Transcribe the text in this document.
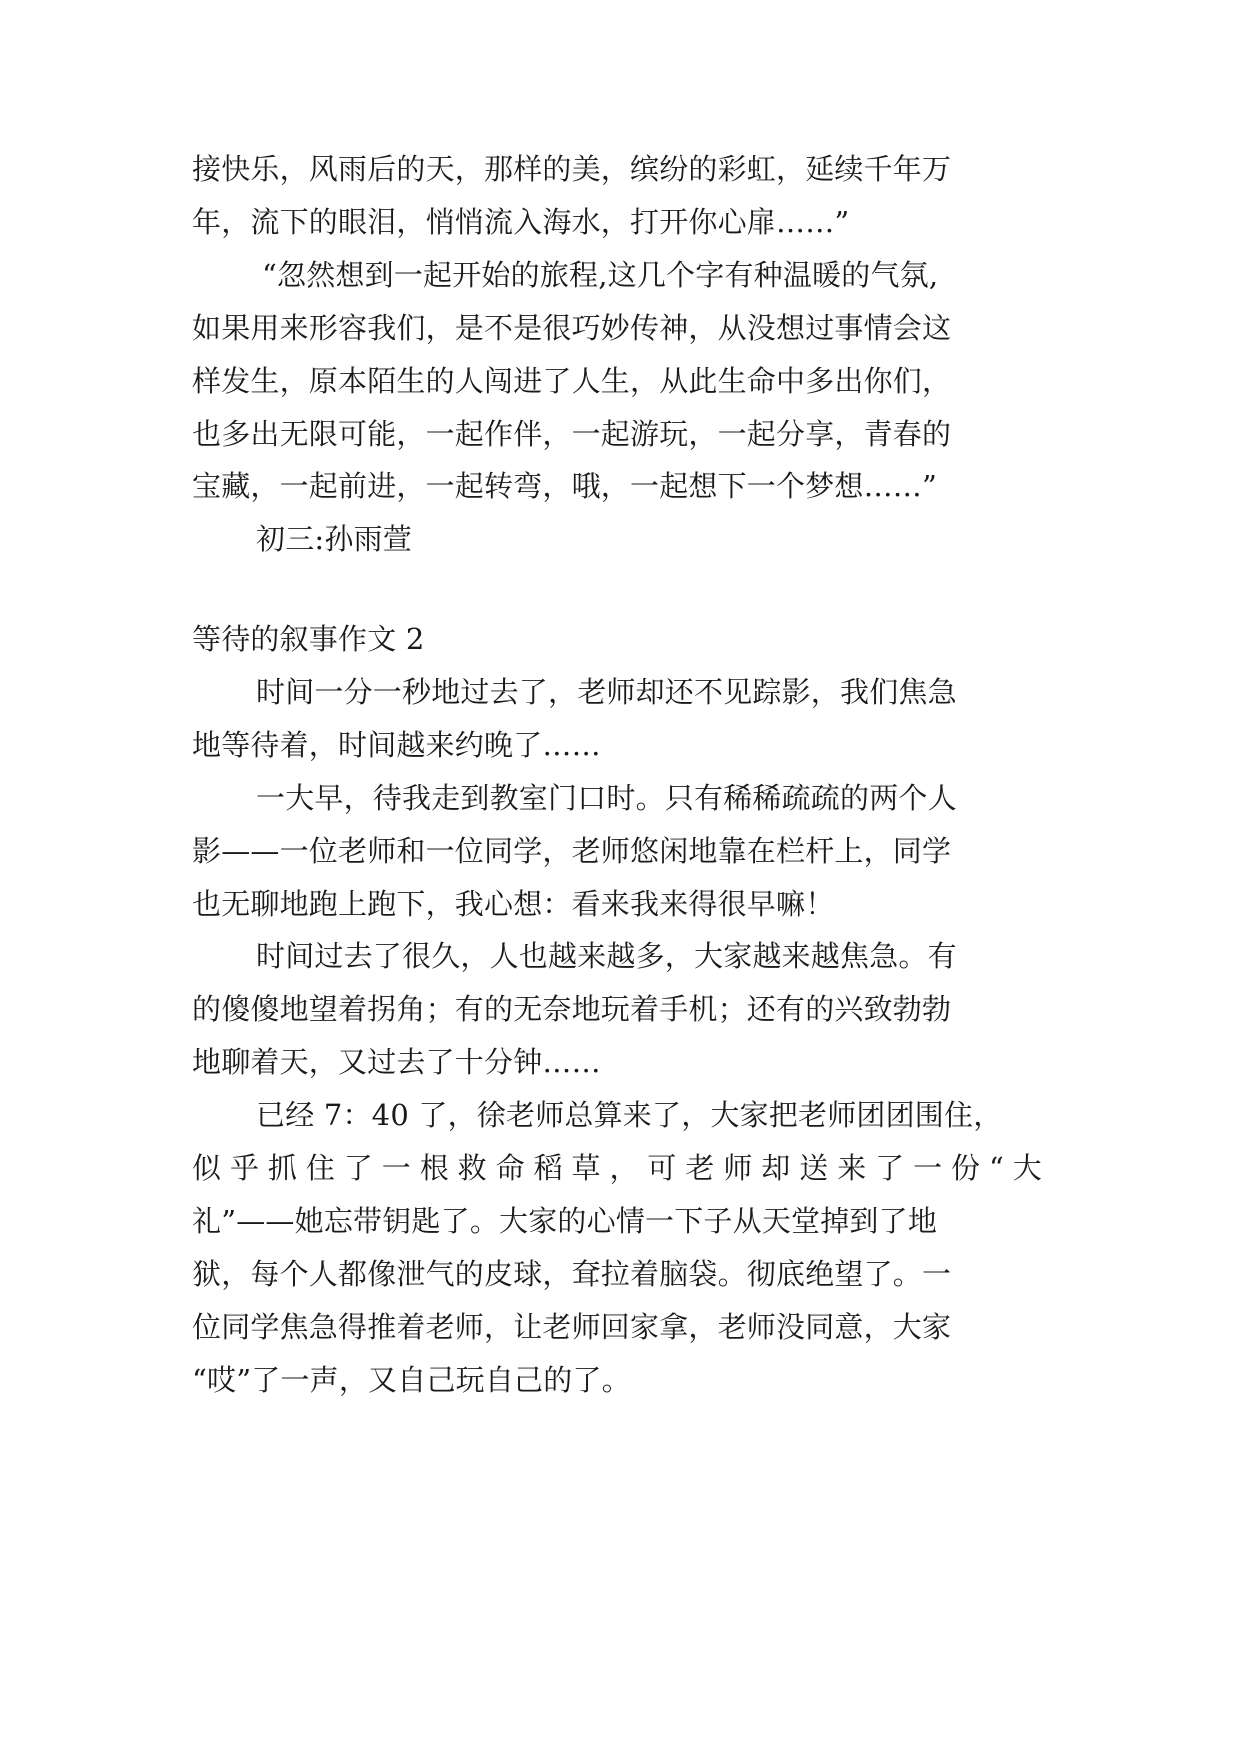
接快乐，风雨后的天，那样的美，缤纷的彩虹，延续千年万
年，流下的眼泪，悄悄流入海水，打开你心扉……”
“忽然想到一起开始的旅程,这几个字有种温暖的气氛,
如果用来形容我们，是不是很巧妙传神，从没想过事情会这
样发生，原本陌生的人闯进了人生，从此生命中多出你们，
也多出无限可能，一起作伴，一起游玩，一起分享，青春的
宝藏，一起前进，一起转弯，哦，一起想下一个梦想……”
初三:孙雨萱
等待的叙事作文 2
时间一分一秒地过去了，老师却还不见踪影，我们焦急
地等待着，时间越来约晚了……
一大早，待我走到教室门口时。只有稀稀疏疏的两个人
影——一位老师和一位同学，老师悠闲地靠在栏杆上，同学
也无聊地跑上跑下，我心想：看来我来得很早嘛！
时间过去了很久，人也越来越多，大家越来越焦急。有
的傻傻地望着拐角；有的无奈地玩着手机；还有的兴致勃勃
地聊着天，又过去了十分钟……
已经 7：40 了，徐老师总算来了，大家把老师团团围住，
似乎抓住了一根救命稻草，可老师却送来了一份“大
礼”——她忘带钥匙了。大家的心情一下子从天堂掉到了地
狱，每个人都像泄气的皮球，耷拉着脑袋。彻底绝望了。一
位同学焦急得推着老师，让老师回家拿，老师没同意，大家
“哎”了一声，又自己玩自己的了。
